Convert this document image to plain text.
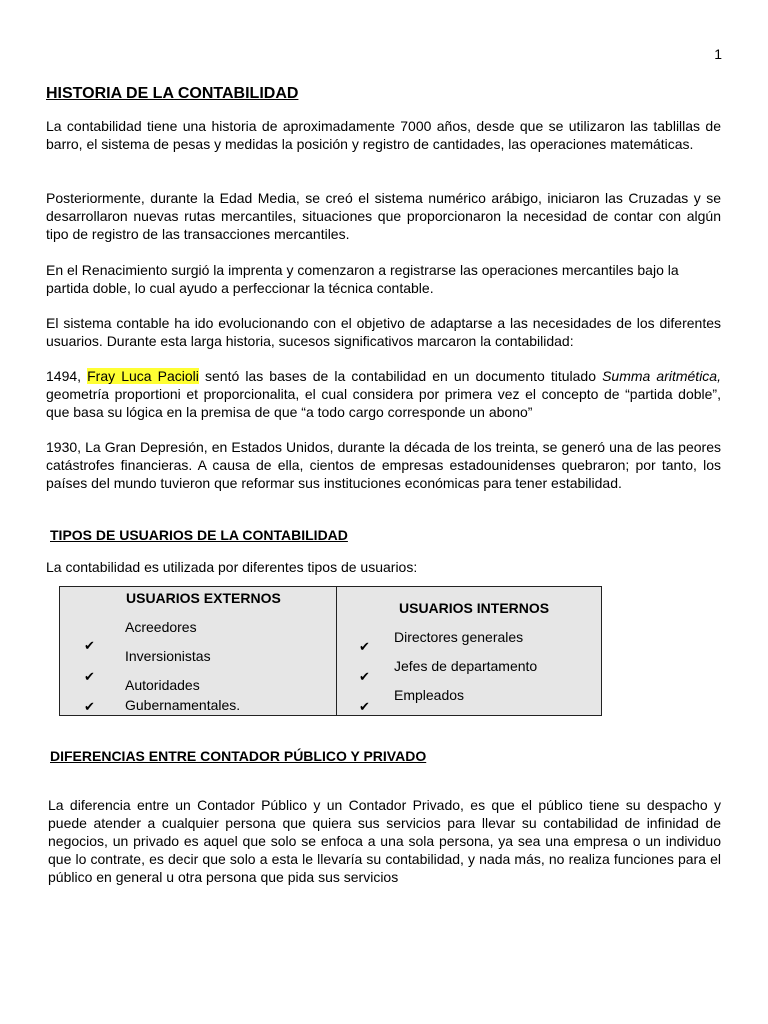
1
HISTORIA DE LA CONTABILIDAD

La contabilidad tiene una historia de aproximadamente 7000 años, desde que se utilizaron las tablillas de barro, el sistema de pesas y medidas la posición y registro de cantidades, las operaciones matemáticas.

Posteriormente, durante la Edad Media, se creó el sistema numérico arábigo, iniciaron las Cruzadas y se desarrollaron nuevas rutas mercantiles, situaciones que proporcionaron la necesidad de contar con algún tipo de registro de las transacciones mercantiles.

En el Renacimiento surgió la imprenta y comenzaron a registrarse las operaciones mercantiles bajo la partida doble, lo cual ayudo a perfeccionar la técnica contable.

El sistema contable ha ido evolucionando con el objetivo de adaptarse a las necesidades de los diferentes usuarios. Durante esta larga historia, sucesos significativos marcaron la contabilidad:

1494, Fray Luca Pacioli sentó las bases de la contabilidad en un documento titulado Summa aritmética, geometría proportioni et proporcionalita, el cual considera por primera vez el concepto de “partida doble”, que basa su lógica en la premisa de que “a todo cargo corresponde un abono”

1930, La Gran Depresión, en Estados Unidos, durante la década de los treinta, se generó una de las peores catástrofes financieras. A causa de ella, cientos de empresas estadounidenses quebraron; por tanto, los países del mundo tuvieron que reformar sus instituciones económicas para tener estabilidad.

TIPOS DE USUARIOS DE LA CONTABILIDAD

La contabilidad es utilizada por diferentes tipos de usuarios:

USUARIOS EXTERNOS
Acreedores
Inversionistas
Autoridades
Gubernamentales.
✔
✔
✔
USUARIOS INTERNOS
Directores generales
Jefes de departamento
Empleados
✔
✔
✔
DIFERENCIAS ENTRE CONTADOR PÚBLICO Y PRIVADO

La diferencia entre un Contador Público y un Contador Privado, es que el público tiene su despacho y puede atender a cualquier persona que quiera sus servicios para llevar su contabilidad de infinidad de negocios, un privado es aquel que solo se enfoca a una sola persona, ya sea una empresa o un individuo que lo contrate, es decir que solo a esta le llevaría su contabilidad, y nada más, no realiza funciones para el público en general u otra persona que pida sus servicios
